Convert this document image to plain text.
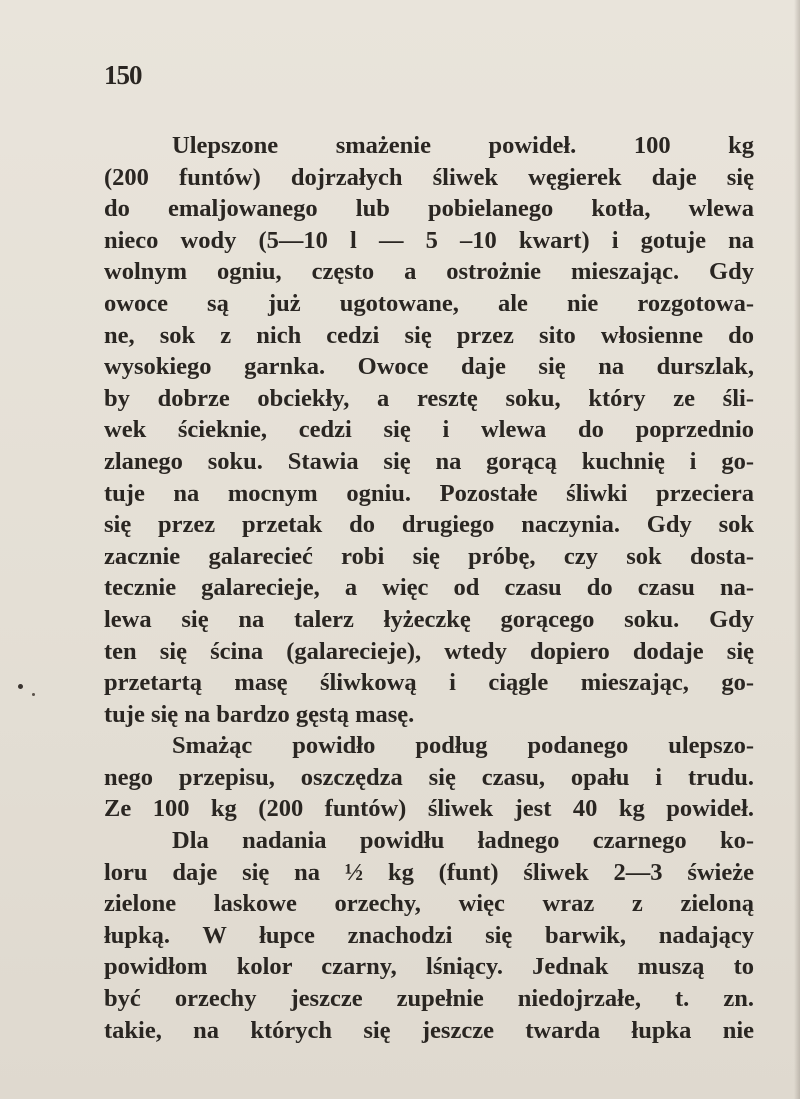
150
Ulepszone smażenie powideł. 100 kg
(200 funtów) dojrzałych śliwek węgierek daje się
do emaljowanego lub pobielanego kotła, wlewa
nieco wody (5—10 l — 5 –10 kwart) i gotuje na
wolnym ogniu, często a ostrożnie mieszając. Gdy
owoce są już ugotowane, ale nie rozgotowa-
ne, sok z nich cedzi się przez sito włosienne do
wysokiego garnka. Owoce daje się na durszlak,
by dobrze obciekły, a resztę soku, który ze śli-
wek ścieknie, cedzi się i wlewa do poprzednio
zlanego soku. Stawia się na gorącą kuchnię i go-
tuje na mocnym ogniu. Pozostałe śliwki przeciera
się przez przetak do drugiego naczynia. Gdy sok
zacznie galarecieć robi się próbę, czy sok dosta-
tecznie galarecieje, a więc od czasu do czasu na-
lewa się na talerz łyżeczkę gorącego soku. Gdy
ten się ścina (galarecieje), wtedy dopiero dodaje się
przetartą masę śliwkową i ciągle mieszając, go-
tuje się na bardzo gęstą masę.
Smażąc powidło podług podanego ulepszo-
nego przepisu, oszczędza się czasu, opału i trudu.
Ze 100 kg (200 funtów) śliwek jest 40 kg powideł.
Dla nadania powidłu ładnego czarnego ko-
loru daje się na ½ kg (funt) śliwek 2—3 świeże
zielone laskowe orzechy, więc wraz z zieloną
łupką. W łupce znachodzi się barwik, nadający
powidłom kolor czarny, lśniący. Jednak muszą to
być orzechy jeszcze zupełnie niedojrzałe, t. zn.
takie, na których się jeszcze twarda łupka nie
